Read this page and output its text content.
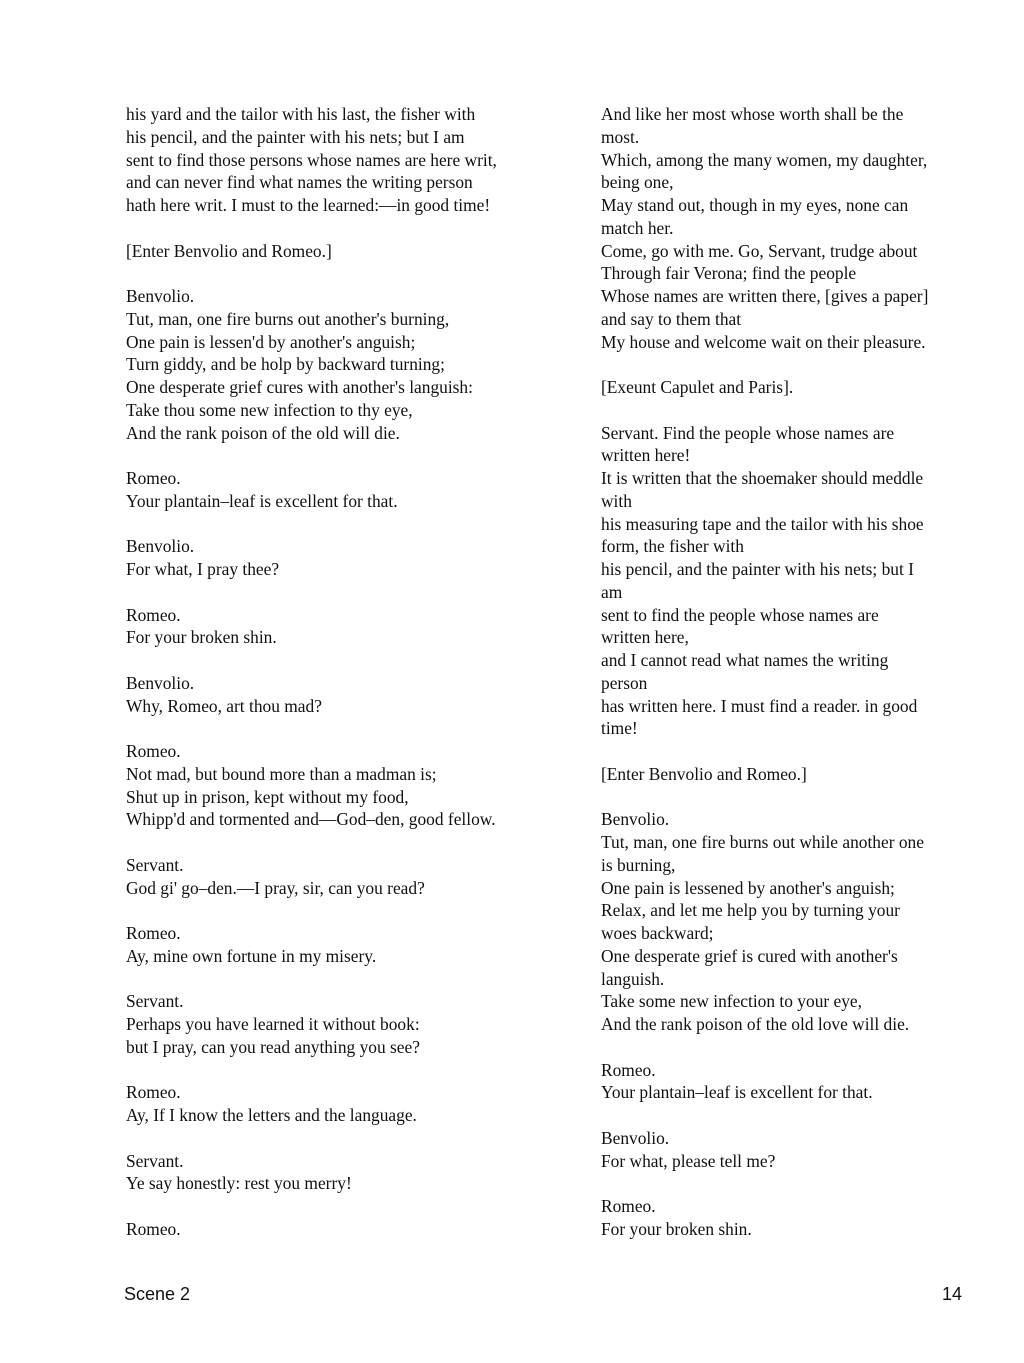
his yard and the tailor with his last, the fisher with
his pencil, and the painter with his nets; but I am
sent to find those persons whose names are here writ,
and can never find what names the writing person
hath here writ. I must to the learned:––in good time!
[Enter Benvolio and Romeo.]
Benvolio.
Tut, man, one fire burns out another's burning,
One pain is lessen'd by another's anguish;
Turn giddy, and be holp by backward turning;
One desperate grief cures with another's languish:
Take thou some new infection to thy eye,
And the rank poison of the old will die.
Romeo.
Your plantain–leaf is excellent for that.
Benvolio.
For what, I pray thee?
Romeo.
For your broken shin.
Benvolio.
Why, Romeo, art thou mad?
Romeo.
Not mad, but bound more than a madman is;
Shut up in prison, kept without my food,
Whipp'd and tormented and––God–den, good fellow.
Servant.
God gi' go–den.––I pray, sir, can you read?
Romeo.
Ay, mine own fortune in my misery.
Servant.
Perhaps you have learned it without book:
but I pray, can you read anything you see?
Romeo.
Ay, If I know the letters and the language.
Servant.
Ye say honestly: rest you merry!
Romeo.
And like her most whose worth shall be the
most.
Which, among the many women, my daughter,
being one,
May stand out, though in my eyes, none can
match her.
Come, go with me. Go, Servant, trudge about
Through fair Verona; find the people
Whose names are written there, [gives a paper]
and say to them that
My house and welcome wait on their pleasure.
[Exeunt Capulet and Paris].
Servant. Find the people whose names are
written here!
It is written that the shoemaker should meddle
with
his measuring tape and the tailor with his shoe
form, the fisher with
his pencil, and the painter with his nets; but I
am
sent to find the people whose names are
written here,
and I cannot read what names the writing
person
has written here. I must find a reader. in good
time!
[Enter Benvolio and Romeo.]
Benvolio.
Tut, man, one fire burns out while another one
is burning,
One pain is lessened by another's anguish;
Relax, and let me help you by turning your
woes backward;
One desperate grief is cured with another's
languish.
Take some new infection to your eye,
And the rank poison of the old love will die.
Romeo.
Your plantain–leaf is excellent for that.
Benvolio.
For what, please tell me?
Romeo.
For your broken shin.
Scene 2	14
